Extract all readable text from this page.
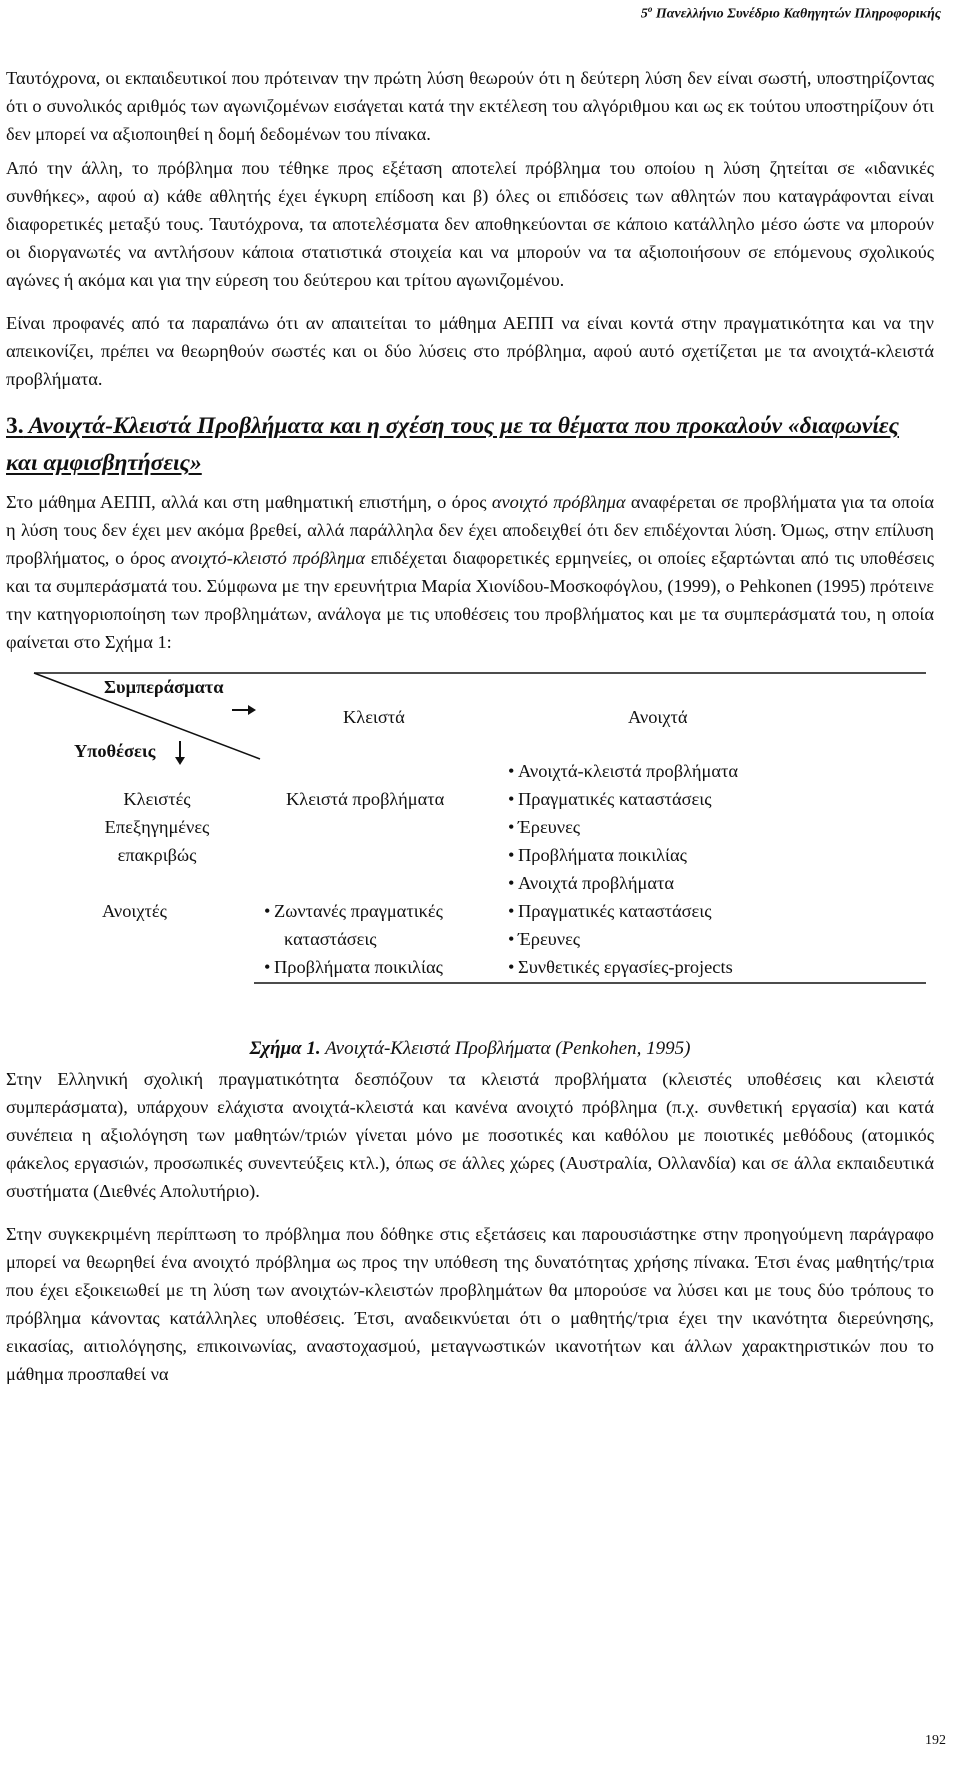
$5^o$ Πανελλήνιο Συνέδριο Καθηγητών Πληροφορικής

Ταυτόχρονα, οι εκπαιδευτικοί που πρότειναν την πρώτη λύση θεωρούν ότι η δεύτερη λύση δεν είναι σωστή, υποστηρίζοντας ότι ο συνολικός αριθμός των αγωνιζομένων εισάγεται κατά την εκτέλεση του αλγόριθμου και ως εκ τούτου υποστηρίζουν ότι δεν μπορεί να αξιοποιηθεί η δομή δεδομένων του πίνακα.

Από την άλλη, το πρόβλημα που τέθηκε προς εξέταση αποτελεί πρόβλημα του οποίου η λύση ζητείται σε «ιδανικές συνθήκες», αφού α) κάθε αθλητής έχει έγκυρη επίδοση και β) όλες οι επιδόσεις των αθλητών που καταγράφονται είναι διαφορετικές μεταξύ τους. Ταυτόχρονα, τα αποτελέσματα δεν αποθηκεύονται σε κάποιο κατάλληλο μέσο ώστε να μπορούν οι διοργανωτές να αντλήσουν κάποια στατιστικά στοιχεία και να μπορούν να τα αξιοποιήσουν σε επόμενους σχολικούς αγώνες ή ακόμα και για την εύρεση του δεύτερου και τρίτου αγωνιζομένου.

Είναι προφανές από τα παραπάνω ότι αν απαιτείται το μάθημα ΑΕΠΠ να είναι κοντά στην πραγματικότητα και να την απεικονίζει, πρέπει να θεωρηθούν σωστές και οι δύο λύσεις στο πρόβλημα, αφού αυτό σχετίζεται με τα ανοιχτά-κλειστά προβλήματα.

3. Ανοιχτά-Κλειστά Προβλήματα και η σχέση τους με τα θέματα που προκαλούν «διαφωνίες και αμφισβητήσεις»

Στο μάθημα ΑΕΠΠ, αλλά και στη μαθηματική επιστήμη, ο όρος ανοιχτό πρόβλημα αναφέρεται σε προβλήματα για τα οποία η λύση τους δεν έχει μεν ακόμα βρεθεί, αλλά παράλληλα δεν έχει αποδειχθεί ότι δεν επιδέχονται λύση. Όμως, στην επίλυση προβλήματος, ο όρος ανοιχτό-κλειστό πρόβλημα επιδέχεται διαφορετικές ερμηνείες, οι οποίες εξαρτώνται από τις υποθέσεις και τα συμπεράσματά του. Σύμφωνα με την ερευνήτρια Μαρία Χιονίδου-Μοσκοφόγλου, (1999), ο Pehkonen (1995) πρότεινε την κατηγοριοποίηση των προβλημάτων, ανάλογα με τις υποθέσεις του προβλήματος και με τα συμπεράσματά του, η οποία φαίνεται στο Σχήμα 1:

Συμπεράσματα
Υποθέσεις
Κλειστά	Ανοιχτά
Κλειστές
Επεξηγημένες
επακριβώς
Ανοιχτές
Κλειστά προβλήματα
• Ανοιχτά-κλειστά προβλήματα
• Πραγματικές καταστάσεις
• Έρευνες
• Προβλήματα ποικιλίας
• Ζωντανές πραγματικές
καταστάσεις
• Προβλήματα ποικιλίας
• Ανοιχτά προβλήματα
• Πραγματικές καταστάσεις
• Έρευνες
• Συνθετικές εργασίες-projects
Σχήμα 1. Ανοιχτά-Κλειστά Προβλήματα (Penkohen, 1995)

Στην Ελληνική σχολική πραγματικότητα δεσπόζουν τα κλειστά προβλήματα (κλειστές υποθέσεις και κλειστά συμπεράσματα), υπάρχουν ελάχιστα ανοιχτά-κλειστά και κανένα ανοιχτό πρόβλημα (π.χ. συνθετική εργασία) και κατά συνέπεια η αξιολόγηση των μαθητών/τριών γίνεται μόνο με ποσοτικές και καθόλου με ποιοτικές μεθόδους (ατομικός φάκελος εργασιών, προσωπικές συνεντεύξεις κτλ.), όπως σε άλλες χώρες (Αυστραλία, Ολλανδία) και σε άλλα εκπαιδευτικά συστήματα (Διεθνές Απολυτήριο).

Στην συγκεκριμένη περίπτωση το πρόβλημα που δόθηκε στις εξετάσεις και παρουσιάστηκε στην προηγούμενη παράγραφο μπορεί να θεωρηθεί ένα ανοιχτό πρόβλημα ως προς την υπόθεση της δυνατότητας χρήσης πίνακα. Έτσι ένας μαθητής/τρια που έχει εξοικειωθεί με τη λύση των ανοιχτών-κλειστών προβλημάτων θα μπορούσε να λύσει και με τους δύο τρόπους το πρόβλημα κάνοντας κατάλληλες υποθέσεις. Έτσι, αναδεικνύεται ότι ο μαθητής/τρια έχει την ικανότητα διερεύνησης, εικασίας, αιτιολόγησης, επικοινωνίας, αναστοχασμού, μεταγνωστικών ικανοτήτων και άλλων χαρακτηριστικών που το μάθημα προσπαθεί να

192
